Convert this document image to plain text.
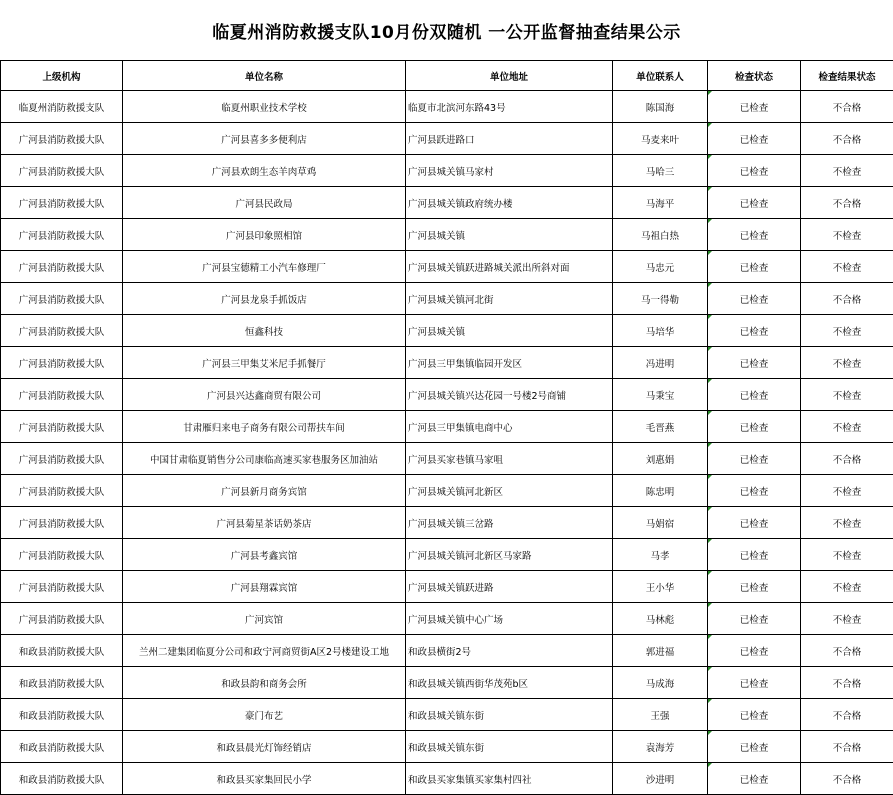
临夏州消防救援支队10月份双随机 一公开监督抽查结果公示
上级机构	单位名称	单位地址	单位联系人	检查状态	检查结果状态
临夏州消防救援支队	临夏州职业技术学校	临夏市北滨河东路43号	陈国海	已检查	不合格
广河县消防救援大队	广河县喜多多便利店	广河县跃进路口	马麦来叶	已检查	不合格
广河县消防救援大队	广河县欢朗生态羊肉草鸡	广河县城关镇马家村	马哈三	已检查	不检查
广河县消防救援大队	广河县民政局	广河县城关镇政府统办楼	马海平	已检查	不合格
广河县消防救援大队	广河县印象照相馆	广河县城关镇	马祖白热	已检查	不检查
广河县消防救援大队	广河县宝德精工小汽车修理厂	广河县城关镇跃进路城关派出所斜对面	马忠元	已检查	不检查
广河县消防救援大队	广河县龙泉手抓饭店	广河县城关镇河北街	马一得勒	已检查	不合格
广河县消防救援大队	恒鑫科技	广河县城关镇	马培华	已检查	不检查
广河县消防救援大队	广河县三甲集艾米尼手抓餐厅	广河县三甲集镇临园开发区	冯进明	已检查	不检查
广河县消防救援大队	广河县兴达鑫商贸有限公司	广河县城关镇兴达花园一号楼2号商铺	马秉宝	已检查	不检查
广河县消防救援大队	甘肃雁归来电子商务有限公司帮扶车间	广河县三甲集镇电商中心	毛晋燕	已检查	不检查
广河县消防救援大队	中国甘肃临夏销售分公司康临高速买家巷服务区加油站	广河县买家巷镇马家咀	刘惠娟	已检查	不合格
广河县消防救援大队	广河县新月商务宾馆	广河县城关镇河北新区	陈忠明	已检查	不检查
广河县消防救援大队	广河县菊星茶话奶茶店	广河县城关镇三岔路	马娟宿	已检查	不检查
广河县消防救援大队	广河县考鑫宾馆	广河县城关镇河北新区马家路	马孝	已检查	不检查
广河县消防救援大队	广河县翔霖宾馆	广河县城关镇跃进路	王小华	已检查	不检查
广河县消防救援大队	广河宾馆	广河县城关镇中心广场	马林彪	已检查	不检查
和政县消防救援大队	兰州二建集团临夏分公司和政宁河商贸街A区2号楼建设工地	和政县横街2号	郭进福	已检查	不合格
和政县消防救援大队	和政县韵和商务会所	和政县城关镇西街华茂苑b区	马成海	已检查	不合格
和政县消防救援大队	豪门布艺	和政县城关镇东街	王强	已检查	不合格
和政县消防救援大队	和政县晨光灯饰经销店	和政县城关镇东街	袁海芳	已检查	不合格
和政县消防救援大队	和政县买家集回民小学	和政县买家集镇买家集村四社	沙进明	已检查	不合格
